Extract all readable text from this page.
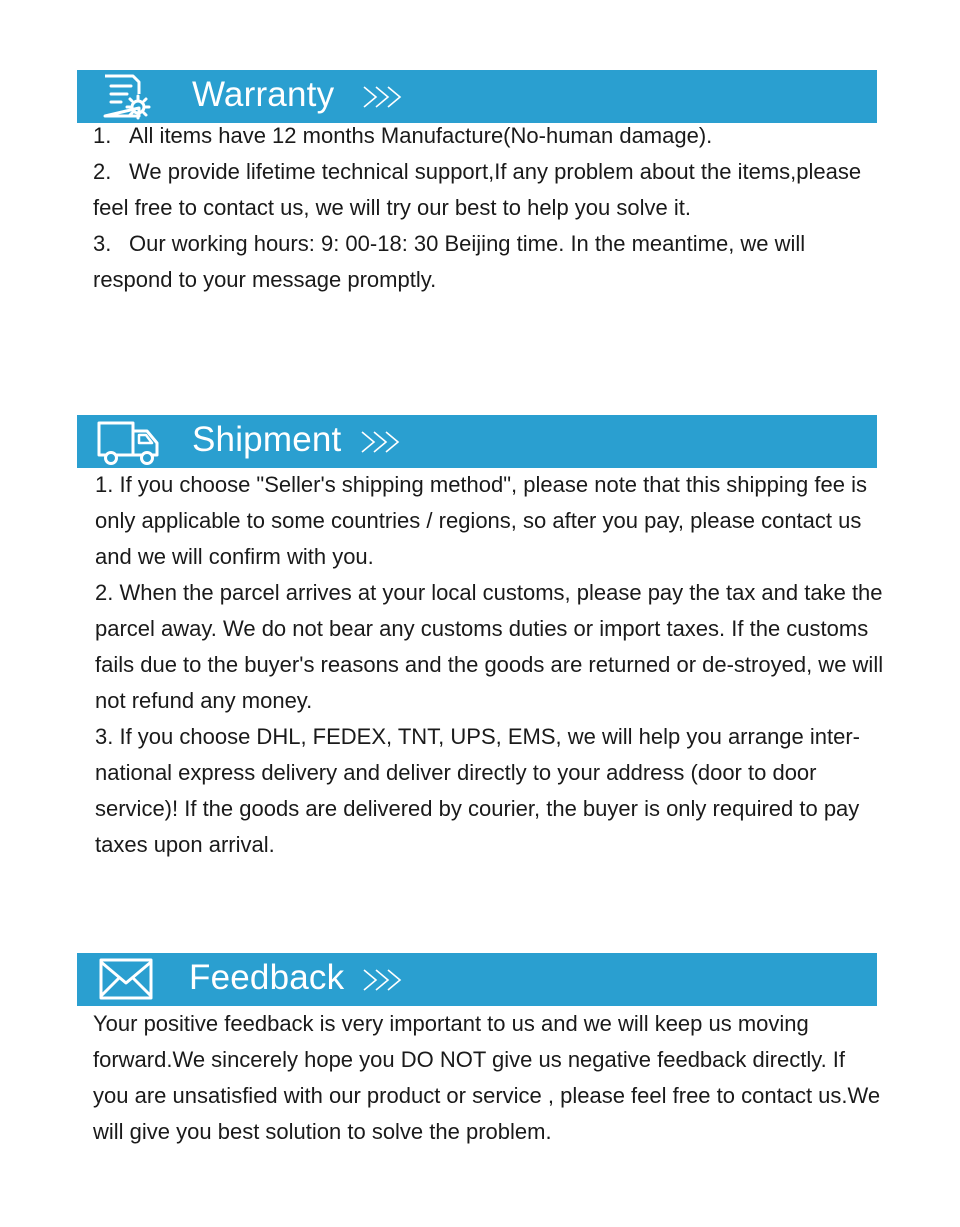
Warranty

1. All items have 12 months Manufacture(No-human damage).

2. We provide lifetime technical support,If any problem about the items,please feel free to contact us, we will try our best to help you solve it.

3. Our working hours: 9: 00-18: 30 Beijing time. In the meantime, we will respond to your message promptly.

Shipment

1. If you choose "Seller's shipping method", please note that this shipping fee is only applicable to some countries / regions, so after you pay, please contact us and we will confirm with you.

2. When the parcel arrives at your local customs, please pay the tax and take the parcel away. We do not bear any customs duties or import taxes. If the customs fails due to the buyer's reasons and the goods are returned or de-stroyed, we will not refund any money.

3. If you choose DHL, FEDEX, TNT, UPS, EMS, we will help you arrange inter-national express delivery and deliver directly to your address (door to door service)! If the goods are delivered by courier, the buyer is only required to pay taxes upon arrival.

Feedback

Your positive feedback is very important to us and we will keep us moving forward.We sincerely hope you DO NOT give us negative feedback directly. If you are unsatisfied with our product or service , please feel free to contact us.We will give you best solution to solve the problem.
